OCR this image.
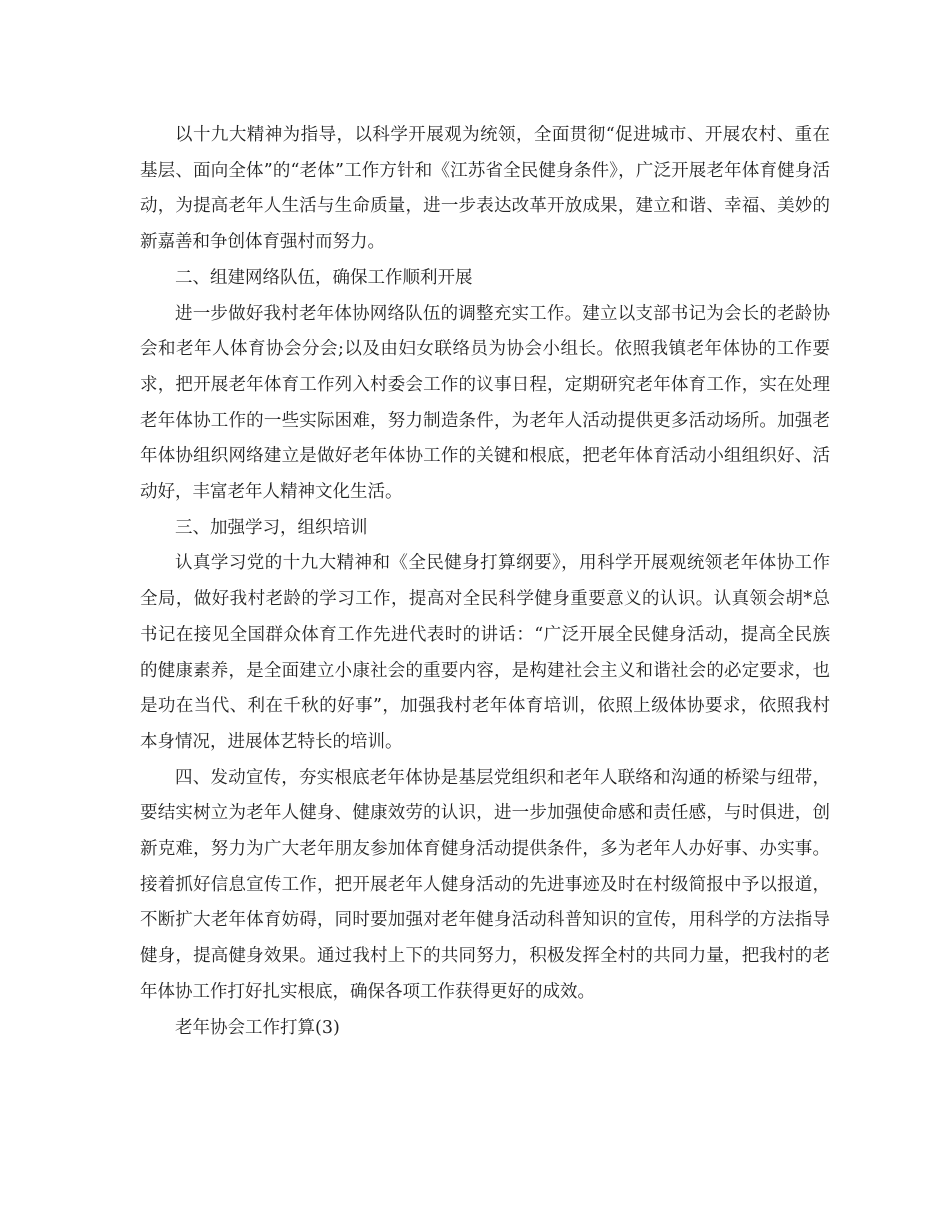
以十九大精神为指导，以科学开展观为统领，全面贯彻“促进城市、开展农村、重在基层、面向全体”的“老体”工作方针和《江苏省全民健身条件》，广泛开展老年体育健身活动，为提高老年人生活与生命质量，进一步表达改革开放成果，建立和谐、幸福、美妙的新嘉善和争创体育强村而努力。

二、组建网络队伍，确保工作顺利开展

进一步做好我村老年体协网络队伍的调整充实工作。建立以支部书记为会长的老龄协会和老年人体育协会分会;以及由妇女联络员为协会小组长。依照我镇老年体协的工作要求，把开展老年体育工作列入村委会工作的议事日程，定期研究老年体育工作，实在处理老年体协工作的一些实际困难，努力制造条件，为老年人活动提供更多活动场所。加强老年体协组织网络建立是做好老年体协工作的关键和根底，把老年体育活动小组组织好、活动好，丰富老年人精神文化生活。

三、加强学习，组织培训

认真学习党的十九大精神和《全民健身打算纲要》，用科学开展观统领老年体协工作全局，做好我村老龄的学习工作，提高对全民科学健身重要意义的认识。认真领会胡*总书记在接见全国群众体育工作先进代表时的讲话：“广泛开展全民健身活动，提高全民族的健康素养，是全面建立小康社会的重要内容，是构建社会主义和谐社会的必定要求，也是功在当代、利在千秋的好事”，加强我村老年体育培训，依照上级体协要求，依照我村本身情况，进展体艺特长的培训。

四、发动宣传，夯实根底老年体协是基层党组织和老年人联络和沟通的桥梁与纽带，要结实树立为老年人健身、健康效劳的认识，进一步加强使命感和责任感，与时俱进，创新克难，努力为广大老年朋友参加体育健身活动提供条件，多为老年人办好事、办实事。接着抓好信息宣传工作，把开展老年人健身活动的先进事迹及时在村级简报中予以报道，不断扩大老年体育妨碍，同时要加强对老年健身活动科普知识的宣传，用科学的方法指导健身，提高健身效果。通过我村上下的共同努力，积极发挥全村的共同力量，把我村的老年体协工作打好扎实根底，确保各项工作获得更好的成效。

老年协会工作打算(3)
